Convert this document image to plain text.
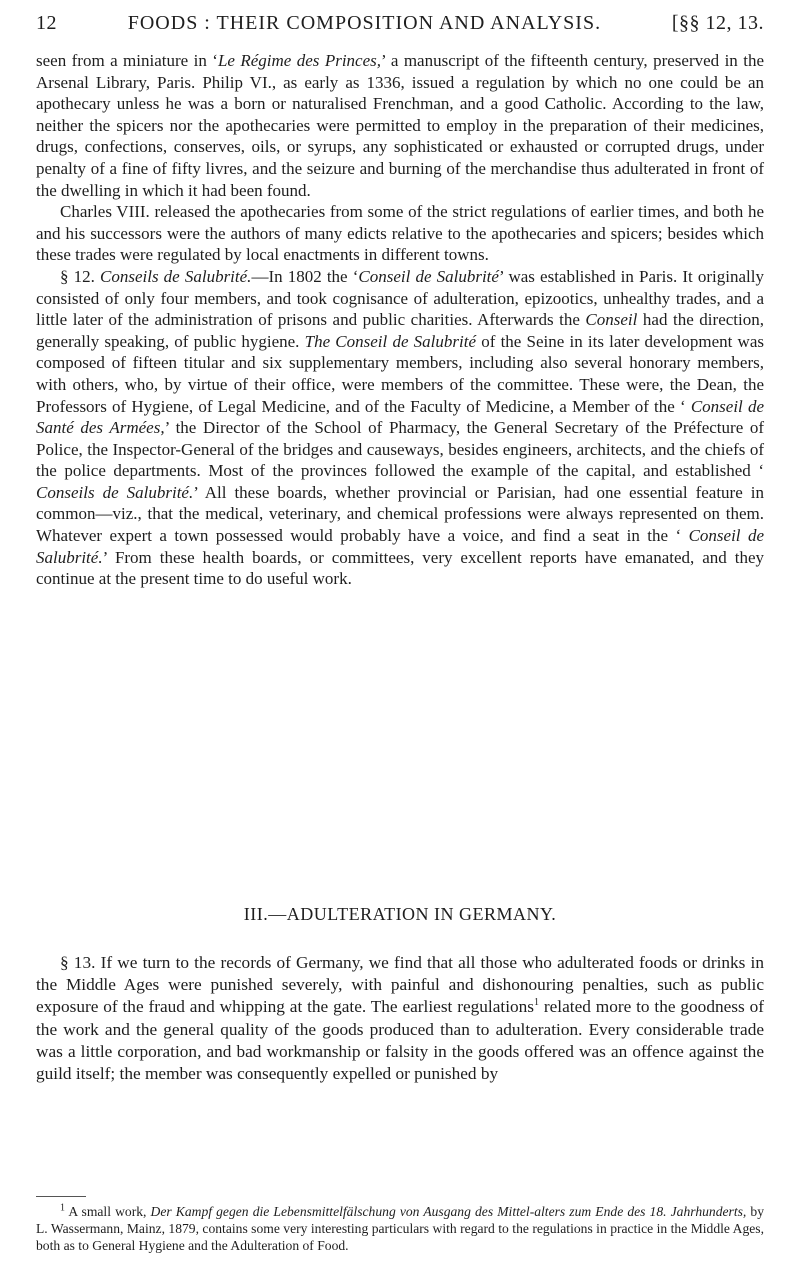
12	FOODS : THEIR COMPOSITION AND ANALYSIS.	[§§ 12, 13.

seen from a miniature in ‘Le Régime des Princes,’ a manuscript of the fifteenth century, preserved in the Arsenal Library, Paris. Philip VI., as early as 1336, issued a regulation by which no one could be an apothecary unless he was a born or naturalised Frenchman, and a good Catholic. According to the law, neither the spicers nor the apothecaries were permitted to employ in the preparation of their medicines, drugs, confections, conserves, oils, or syrups, any sophisticated or exhausted or corrupted drugs, under penalty of a fine of fifty livres, and the seizure and burning of the merchandise thus adulterated in front of the dwelling in which it had been found.

Charles VIII. released the apothecaries from some of the strict regulations of earlier times, and both he and his successors were the authors of many edicts relative to the apothecaries and spicers; besides which these trades were regulated by local enactments in different towns.

§ 12. Conseils de Salubrité.—In 1802 the ‘Conseil de Salubrité’ was established in Paris. It originally consisted of only four members, and took cognisance of adulteration, epizootics, unhealthy trades, and a little later of the administration of prisons and public charities. Afterwards the Conseil had the direction, generally speaking, of public hygiene. The Conseil de Salubrité of the Seine in its later development was composed of fifteen titular and six supplementary members, including also several honorary members, with others, who, by virtue of their office, were members of the committee. These were, the Dean, the Professors of Hygiene, of Legal Medicine, and of the Faculty of Medicine, a Member of the ‘ Conseil de Santé des Armées,’ the Director of the School of Pharmacy, the General Secretary of the Préfecture of Police, the Inspector-General of the bridges and causeways, besides engineers, architects, and the chiefs of the police departments. Most of the provinces followed the example of the capital, and established ‘ Conseils de Salubrité.’ All these boards, whether provincial or Parisian, had one essential feature in common—viz., that the medical, veterinary, and chemical professions were always represented on them. Whatever expert a town possessed would probably have a voice, and find a seat in the ‘ Conseil de Salubrité.’ From these health boards, or committees, very excellent reports have emanated, and they continue at the present time to do useful work.

III.—ADULTERATION IN GERMANY.

§ 13. If we turn to the records of Germany, we find that all those who adulterated foods or drinks in the Middle Ages were punished severely, with painful and dishonouring penalties, such as public exposure of the fraud and whipping at the gate. The earliest regulations$^1$ related more to the goodness of the work and the general quality of the goods produced than to adulteration. Every considerable trade was a little corporation, and bad workmanship or falsity in the goods offered was an offence against the guild itself; the member was consequently expelled or punished by

$^1$ A small work, Der Kampf gegen die Lebensmittelfälschung von Ausgang des Mittel-alters zum Ende des 18. Jahrhunderts, by L. Wassermann, Mainz, 1879, contains some very interesting particulars with regard to the regulations in practice in the Middle Ages, both as to General Hygiene and the Adulteration of Food.
